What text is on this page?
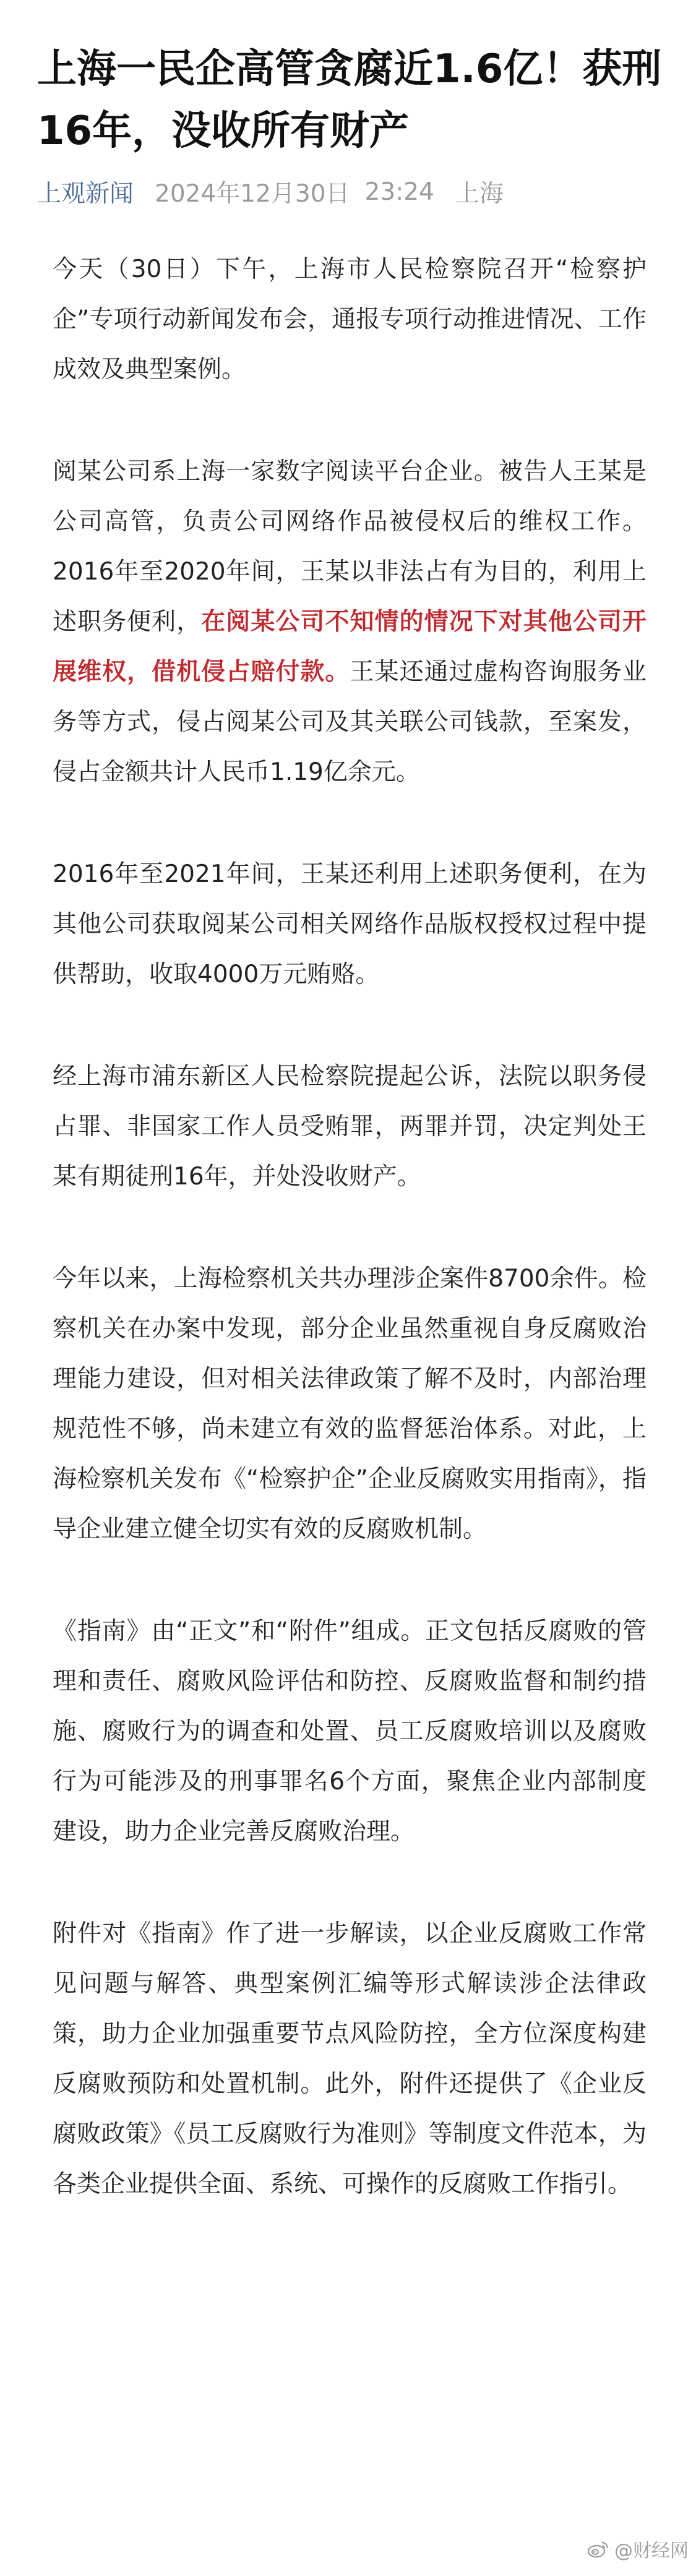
上海一民企高管贪腐近1.6亿！获刑16年，没收所有财产
上观新闻 2024年12月30日 23:24 上海

今天（30日）下午，上海市人民检察院召开“检察护企”专项行动新闻发布会，通报专项行动推进情况、工作成效及典型案例。

阅某公司系上海一家数字阅读平台企业。被告人王某是公司高管，负责公司网络作品被侵权后的维权工作。2016年至2020年间，王某以非法占有为目的，利用上述职务便利，在阅某公司不知情的情况下对其他公司开展维权，借机侵占赔付款。王某还通过虚构咨询服务业务等方式，侵占阅某公司及其关联公司钱款，至案发，侵占金额共计人民币1.19亿余元。

2016年至2021年间，王某还利用上述职务便利，在为其他公司获取阅某公司相关网络作品版权授权过程中提供帮助，收取4000万元贿赂。

经上海市浦东新区人民检察院提起公诉，法院以职务侵占罪、非国家工作人员受贿罪，两罪并罚，决定判处王某有期徒刑16年，并处没收财产。

今年以来，上海检察机关共办理涉企案件8700余件。检察机关在办案中发现，部分企业虽然重视自身反腐败治理能力建设，但对相关法律政策了解不及时，内部治理规范性不够，尚未建立有效的监督惩治体系。对此，上海检察机关发布《“检察护企”企业反腐败实用指南》，指导企业建立健全切实有效的反腐败机制。

《指南》由“正文”和“附件”组成。正文包括反腐败的管理和责任、腐败风险评估和防控、反腐败监督和制约措施、腐败行为的调查和处置、员工反腐败培训以及腐败行为可能涉及的刑事罪名6个方面，聚焦企业内部制度建设，助力企业完善反腐败治理。

附件对《指南》作了进一步解读，以企业反腐败工作常见问题与解答、典型案例汇编等形式解读涉企法律政策，助力企业加强重要节点风险防控，全方位深度构建反腐败预防和处置机制。此外，附件还提供了《企业反腐败政策》《员工反腐败行为准则》等制度文件范本，为各类企业提供全面、系统、可操作的反腐败工作指引。

@财经网
